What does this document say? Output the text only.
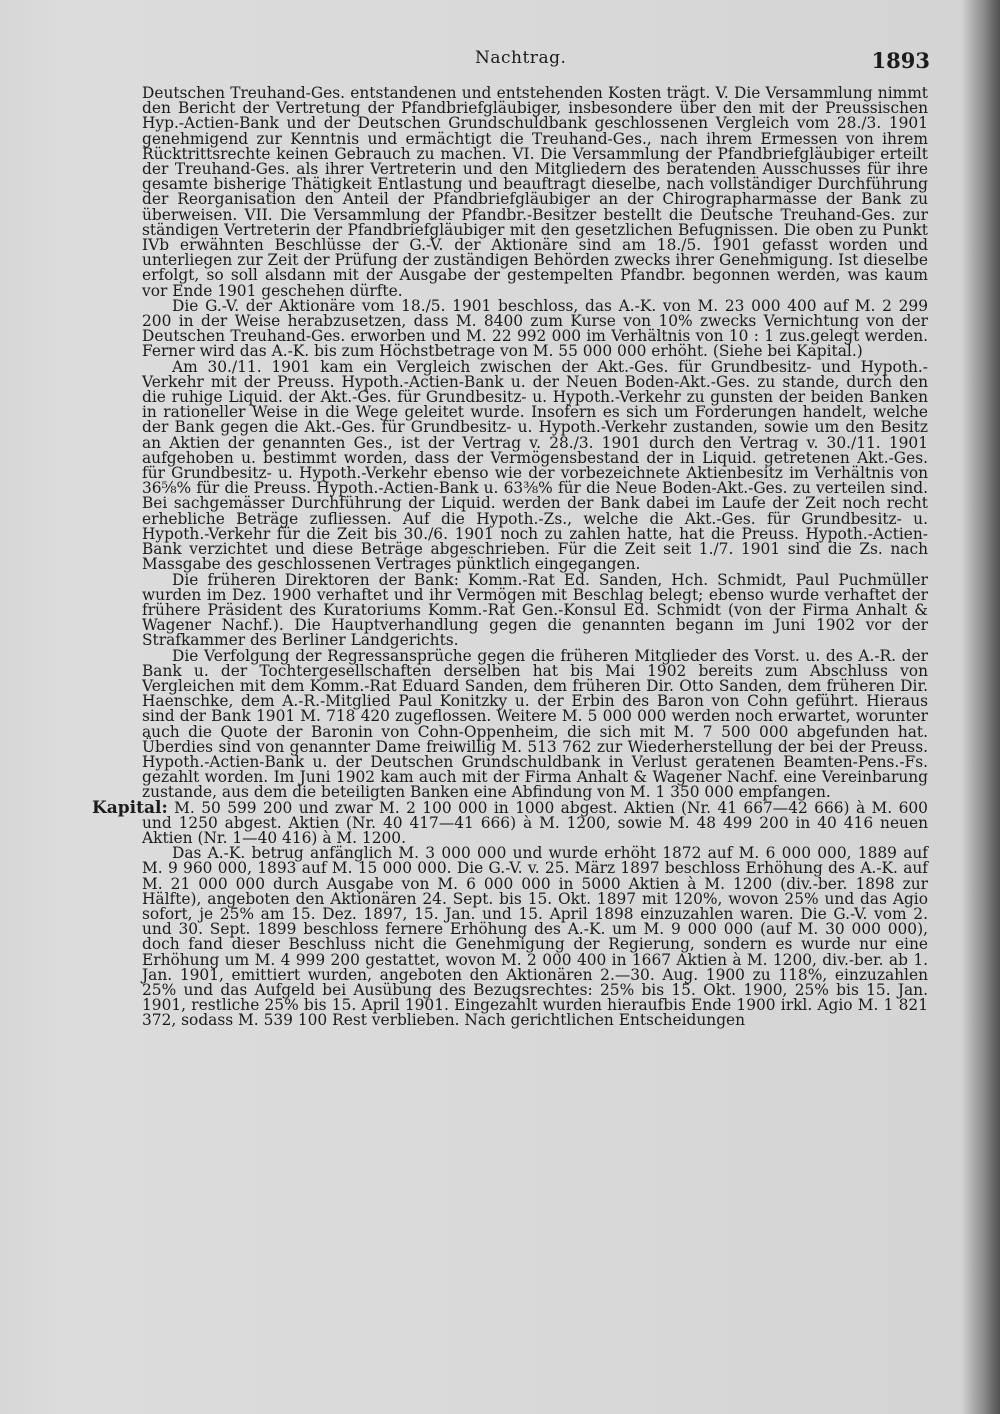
Nachtrag.	1893

Deutschen Treuhand-Ges. entstandenen und entstehenden Kosten trägt. V. Die Versammlung nimmt den Bericht der Vertretung der Pfandbriefgläubiger, insbesondere über den mit der Preussischen Hyp.-Actien-Bank und der Deutschen Grundschuldbank geschlossenen Vergleich vom 28./3. 1901 genehmigend zur Kenntnis und ermächtigt die Treuhand-Ges., nach ihrem Ermessen von ihrem Rücktrittsrechte keinen Gebrauch zu machen. VI. Die Versammlung der Pfandbriefgläubiger erteilt der Treuhand-Ges. als ihrer Vertreterin und den Mitgliedern des beratenden Ausschusses für ihre gesamte bisherige Thätigkeit Entlastung und beauftragt dieselbe, nach vollständiger Durchführung der Reorganisation den Anteil der Pfandbriefgläubiger an der Chirographarmasse der Bank zu überweisen. VII. Die Versammlung der Pfandbr.-Besitzer bestellt die Deutsche Treuhand-Ges. zur ständigen Vertreterin der Pfandbriefgläubiger mit den gesetzlichen Befugnissen. Die oben zu Punkt IVb erwähnten Beschlüsse der G.-V. der Aktionäre sind am 18./5. 1901 gefasst worden und unterliegen zur Zeit der Prüfung der zuständigen Behörden zwecks ihrer Genehmigung. Ist dieselbe erfolgt, so soll alsdann mit der Ausgabe der gestempelten Pfandbr. begonnen werden, was kaum vor Ende 1901 geschehen dürfte.

Die G.-V. der Aktionäre vom 18./5. 1901 beschloss, das A.-K. von M. 23 000 400 auf M. 2 299 200 in der Weise herabzusetzen, dass M. 8400 zum Kurse von 10% zwecks Vernichtung von der Deutschen Treuhand-Ges. erworben und M. 22 992 000 im Verhältnis von 10 : 1 zus.gelegt werden. Ferner wird das A.-K. bis zum Höchstbetrage von M. 55 000 000 erhöht. (Siehe bei Kapital.)

Am 30./11. 1901 kam ein Vergleich zwischen der Akt.-Ges. für Grundbesitz- und Hypoth.-Verkehr mit der Preuss. Hypoth.-Actien-Bank u. der Neuen Boden-Akt.-Ges. zu stande, durch den die ruhige Liquid. der Akt.-Ges. für Grundbesitz- u. Hypoth.-Verkehr zu gunsten der beiden Banken in rationeller Weise in die Wege geleitet wurde. Insofern es sich um Forderungen handelt, welche der Bank gegen die Akt.-Ges. für Grundbesitz- u. Hypoth.-Verkehr zustanden, sowie um den Besitz an Aktien der genannten Ges., ist der Vertrag v. 28./3. 1901 durch den Vertrag v. 30./11. 1901 aufgehoben u. bestimmt worden, dass der Vermögensbestand der in Liquid. getretenen Akt.-Ges. für Grundbesitz- u. Hypoth.-Verkehr ebenso wie der vorbezeichnete Aktienbesitz im Verhältnis von 36⅝% für die Preuss. Hypoth.-Actien-Bank u. 63⅜% für die Neue Boden-Akt.-Ges. zu verteilen sind. Bei sachgemässer Durchführung der Liquid. werden der Bank dabei im Laufe der Zeit noch recht erhebliche Beträge zufliessen. Auf die Hypoth.-Zs., welche die Akt.-Ges. für Grundbesitz- u. Hypoth.-Verkehr für die Zeit bis 30./6. 1901 noch zu zahlen hatte, hat die Preuss. Hypoth.-Actien-Bank verzichtet und diese Beträge abgeschrieben. Für die Zeit seit 1./7. 1901 sind die Zs. nach Massgabe des geschlossenen Vertrages pünktlich eingegangen.

Die früheren Direktoren der Bank: Komm.-Rat Ed. Sanden, Hch. Schmidt, Paul Puchmüller wurden im Dez. 1900 verhaftet und ihr Vermögen mit Beschlag belegt; ebenso wurde verhaftet der frühere Präsident des Kuratoriums Komm.-Rat Gen.-Konsul Ed. Schmidt (von der Firma Anhalt & Wagener Nachf.). Die Hauptverhandlung gegen die genannten begann im Juni 1902 vor der Strafkammer des Berliner Landgerichts.

Die Verfolgung der Regressansprüche gegen die früheren Mitglieder des Vorst. u. des A.-R. der Bank u. der Tochtergesellschaften derselben hat bis Mai 1902 bereits zum Abschluss von Vergleichen mit dem Komm.-Rat Eduard Sanden, dem früheren Dir. Otto Sanden, dem früheren Dir. Haenschke, dem A.-R.-Mitglied Paul Konitzky u. der Erbin des Baron von Cohn geführt. Hieraus sind der Bank 1901 M. 718 420 zugeflossen. Weitere M. 5 000 000 werden noch erwartet, worunter auch die Quote der Baronin von Cohn-Oppenheim, die sich mit M. 7 500 000 abgefunden hat. Überdies sind von genannter Dame freiwillig M. 513 762 zur Wiederherstellung der bei der Preuss. Hypoth.-Actien-Bank u. der Deutschen Grundschuldbank in Verlust geratenen Beamten-Pens.-Fs. gezahlt worden. Im Juni 1902 kam auch mit der Firma Anhalt & Wagener Nachf. eine Vereinbarung zustande, aus dem die beteiligten Banken eine Abfindung von M. 1 350 000 empfangen.

Kapital: M. 50 599 200 und zwar M. 2 100 000 in 1000 abgest. Aktien (Nr. 41 667—42 666) à M. 600 und 1250 abgest. Aktien (Nr. 40 417—41 666) à M. 1200, sowie M. 48 499 200 in 40 416 neuen Aktien (Nr. 1—40 416) à M. 1200.

Das A.-K. betrug anfänglich M. 3 000 000 und wurde erhöht 1872 auf M. 6 000 000, 1889 auf M. 9 960 000, 1893 auf M. 15 000 000. Die G.-V. v. 25. März 1897 beschloss Erhöhung des A.-K. auf M. 21 000 000 durch Ausgabe von M. 6 000 000 in 5000 Aktien à M. 1200 (div.-ber. 1898 zur Hälfte), angeboten den Aktionären 24. Sept. bis 15. Okt. 1897 mit 120%, wovon 25% und das Agio sofort, je 25% am 15. Dez. 1897, 15. Jan. und 15. April 1898 einzuzahlen waren. Die G.-V. vom 2. und 30. Sept. 1899 beschloss fernere Erhöhung des A.-K. um M. 9 000 000 (auf M. 30 000 000), doch fand dieser Beschluss nicht die Genehmigung der Regierung, sondern es wurde nur eine Erhöhung um M. 4 999 200 gestattet, wovon M. 2 000 400 in 1667 Aktien à M. 1200, div.-ber. ab 1. Jan. 1901, emittiert wurden, angeboten den Aktionären 2.—30. Aug. 1900 zu 118%, einzuzahlen 25% und das Aufgeld bei Ausübung des Bezugsrechtes: 25% bis 15. Okt. 1900, 25% bis 15. Jan. 1901, restliche 25% bis 15. April 1901. Eingezahlt wurden hieraufbis Ende 1900 irkl. Agio M. 1 821 372, sodass M. 539 100 Rest verblieben. Nach gerichtlichen Entscheidungen
